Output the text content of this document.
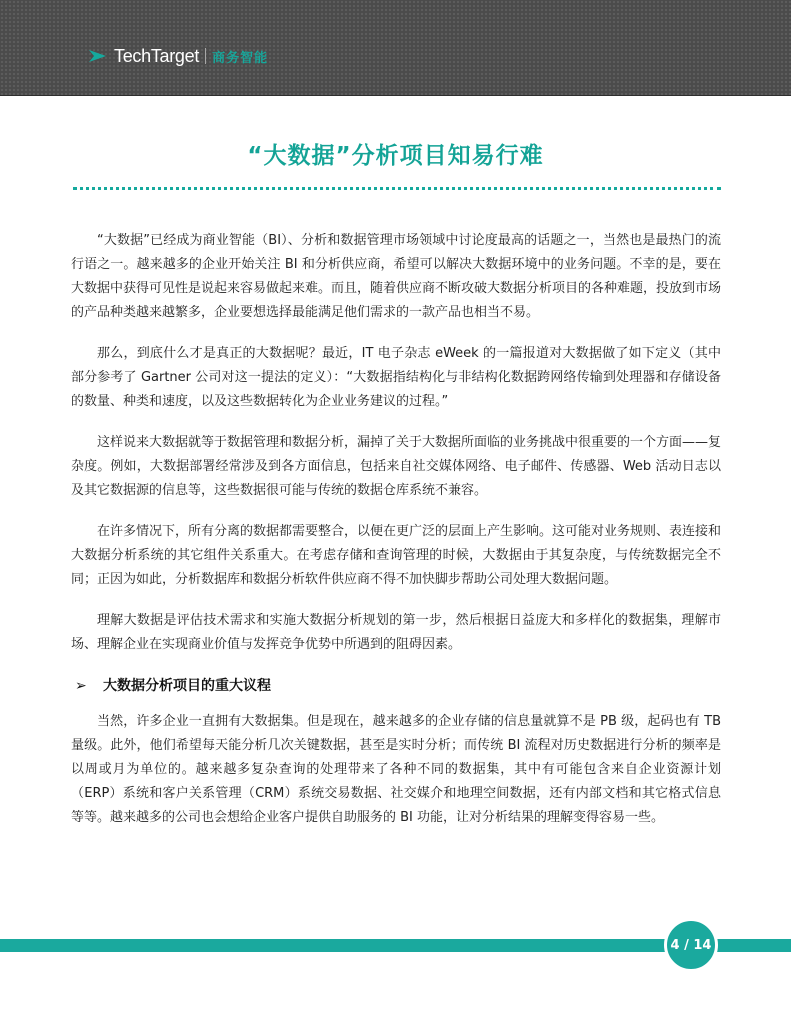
TechTarget 商务智能
“大数据”分析项目知易行难

“大数据”已经成为商业智能（BI）、分析和数据管理市场领域中讨论度最高的话题之一，当然也是最热门的流行语之一。越来越多的企业开始关注 BI 和分析供应商，希望可以解决大数据环境中的业务问题。不幸的是，要在大数据中获得可见性是说起来容易做起来难。而且，随着供应商不断攻破大数据分析项目的各种难题，投放到市场的产品种类越来越繁多，企业要想选择最能满足他们需求的一款产品也相当不易。

那么，到底什么才是真正的大数据呢？最近，IT 电子杂志 eWeek 的一篇报道对大数据做了如下定义（其中部分参考了 Gartner 公司对这一提法的定义）：“大数据指结构化与非结构化数据跨网络传输到处理器和存储设备的数量、种类和速度，以及这些数据转化为企业业务建议的过程。”

这样说来大数据就等于数据管理和数据分析，漏掉了关于大数据所面临的业务挑战中很重要的一个方面——复杂度。例如，大数据部署经常涉及到各方面信息，包括来自社交媒体网络、电子邮件、传感器、Web 活动日志以及其它数据源的信息等，这些数据很可能与传统的数据仓库系统不兼容。

在许多情况下，所有分离的数据都需要整合，以便在更广泛的层面上产生影响。这可能对业务规则、表连接和大数据分析系统的其它组件关系重大。在考虑存储和查询管理的时候，大数据由于其复杂度，与传统数据完全不同；正因为如此，分析数据库和数据分析软件供应商不得不加快脚步帮助公司处理大数据问题。

理解大数据是评估技术需求和实施大数据分析规划的第一步，然后根据日益庞大和多样化的数据集，理解市场、理解企业在实现商业价值与发挥竞争优势中所遇到的阻碍因素。

➢ 大数据分析项目的重大议程

当然，许多企业一直拥有大数据集。但是现在，越来越多的企业存储的信息量就算不是 PB 级，起码也有 TB 量级。此外，他们希望每天能分析几次关键数据，甚至是实时分析；而传统 BI 流程对历史数据进行分析的频率是以周或月为单位的。越来越多复杂查询的处理带来了各种不同的数据集，其中有可能包含来自企业资源计划（ERP）系统和客户关系管理（CRM）系统交易数据、社交媒介和地理空间数据，还有内部文档和其它格式信息等等。越来越多的公司也会想给企业客户提供自助服务的 BI 功能，让对分析结果的理解变得容易一些。

4 / 14
